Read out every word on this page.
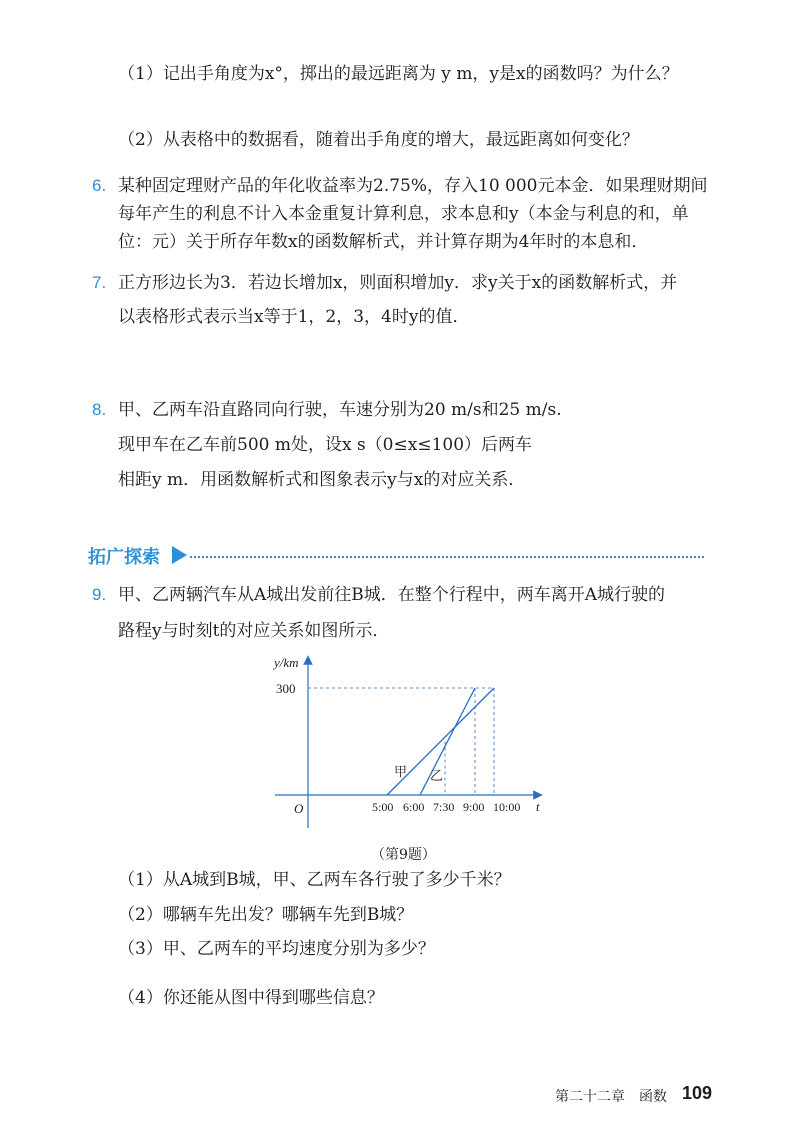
（1）记出手角度为x°，掷出的最远距离为 y m，y是x的函数吗？为什么？
（2）从表格中的数据看，随着出手角度的增大，最远距离如何变化？
6. 某种固定理财产品的年化收益率为2.75%，存入10 000元本金．如果理财期间
每年产生的利息不计入本金重复计算利息，求本息和y（本金与利息的和，单
位：元）关于所存年数x的函数解析式，并计算存期为4年时的本息和．
7. 正方形边长为3．若边长增加x，则面积增加y．求y关于x的函数解析式，并
以表格形式表示当x等于1，2，3，4时y的值．
8. 甲、乙两车沿直路同向行驶，车速分别为20 m/s和25 m/s.
现甲车在乙车前500 m处，设x s（0≤x≤100）后两车
相距y m．用函数解析式和图象表示y与x的对应关系．
拓广探索
9. 甲、乙两辆汽车从A城出发前往B城．在整个行程中，两车离开A城行驶的
路程y与时刻t的对应关系如图所示．
y/km
t
O
300
甲 乙
5:00 6:00 7:30 9:00 10:00
（第9题）
（1）从A城到B城，甲、乙两车各行驶了多少千米？
（2）哪辆车先出发？哪辆车先到B城？
（3）甲、乙两车的平均速度分别为多少？
（4）你还能从图中得到哪些信息？
第二十二章　函数 109
